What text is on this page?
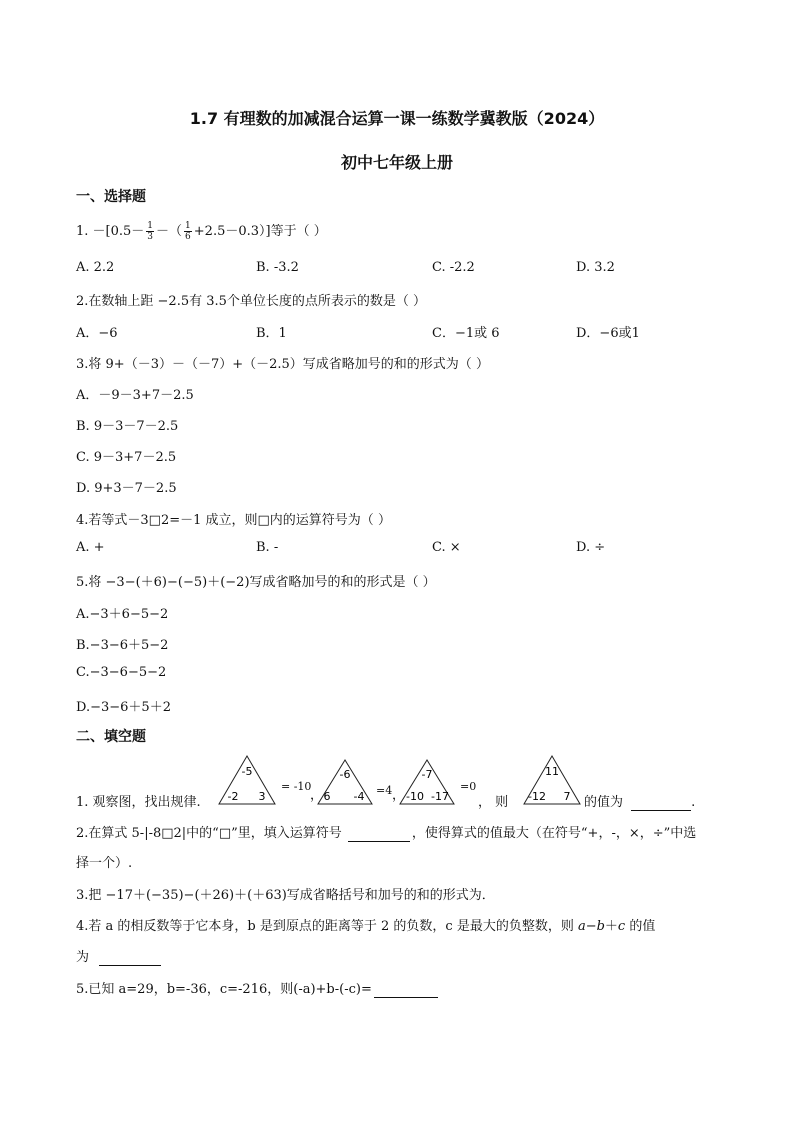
1.7 有理数的加减混合运算一课一练数学冀教版（2024）
初中七年级上册
一、选择题
1. $-[0.5- \frac{1}{3}$ －（ $\frac{1}{6} +2.5-0.3$）]等于（ ）
A. 2.2	B. -3.2	C. -2.2	D. 3.2
2.在数轴上距 −2.5有 3.5个单位长度的点所表示的数是（ ）
A．−6	B．1	C．−1或 6	D．−6或1
3.将 9+（－3）－（－7）+（－2.5）写成省略加号的和的形式为（ ）
A．－9－3+7－2.5
B. 9－3－7－2.5
C. 9－3+7－2.5
D. 9+3－7－2.5
4.若等式－3□2=－1 成立，则□内的运算符号为（ ）
A. +	B. -	C. ×	D. ÷
5.将 −3−(＋6)−(−5)＋(−2)写成省略加号的和的形式是（ ）
A.−3＋6−5−2
B.−3−6＋5−2
C.−3−6−5−2
D.−3−6＋5＋2
二、填空题
1. 观察图，找出规律.
-5
-2 3
= -10
，
-6
6 -4 =4 ，
-7
-10 -17
=0
， 则
11
-12 7 的值为	.
2.在算式 5-|-8□2|中的“□”里，填入运算符号	，使得算式的值最大（在符号“+，-，×，÷”中选
择一个）.
3.把 −17＋(−35)−(＋26)＋(＋63)写成省略括号和加号的和的形式为．
4.若 a 的相反数等于它本身，b 是到原点的距离等于 2 的负数，c 是最大的负整数，则 𝑎−𝑏＋𝑐 的值
为
5.已知 a=29，b=-36，c=-216，则(-a)+b-(-c)=
